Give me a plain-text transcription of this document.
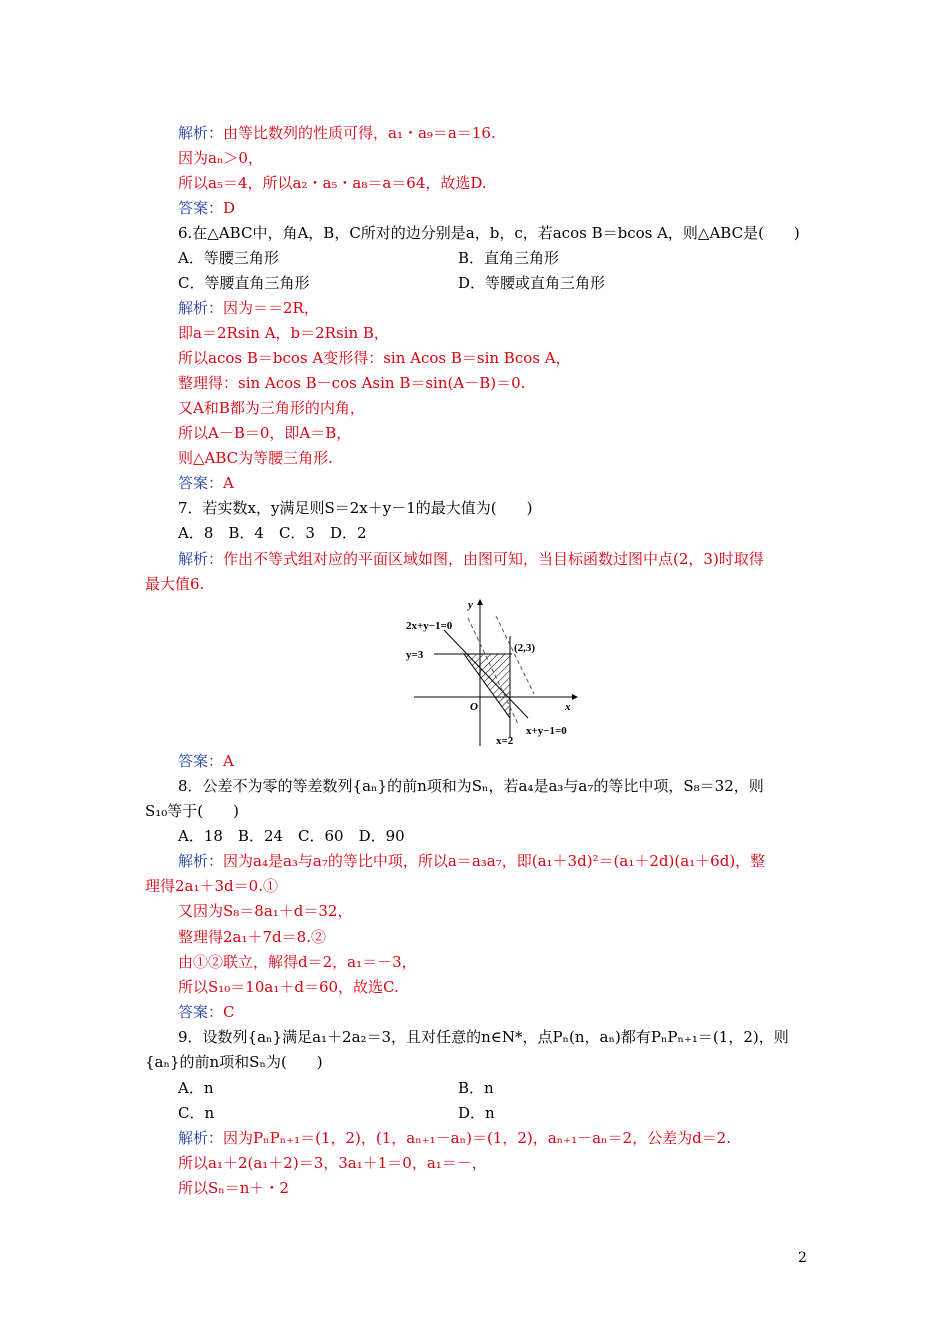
解析：由等比数列的性质可得，a₁・a₉＝a＝16.
因为aₙ＞0，
所以a₅＝4，所以a₂・a₅・a₈＝a＝64，故选D.
答案：D
6.在△ABC中，角A，B，C所对的边分别是a，b，c，若acos B＝bcos A，则△ABC是(　　)
A．等腰三角形	B．直角三角形
C．等腰直角三角形	D．等腰或直角三角形
解析：因为＝＝2R，
即a＝2Rsin A，b＝2Rsin B，
所以acos B＝bcos A变形得：sin Acos B＝sin Bcos A，
整理得：sin Acos B－cos Asin B＝sin(A－B)＝0.
又A和B都为三角形的内角，
所以A－B＝0，即A＝B，
则△ABC为等腰三角形.
答案：A
7．若实数x，y满足则S＝2x＋y－1的最大值为(　　)
A．8　B．4　C．3　D．2
解析：作出不等式组对应的平面区域如图，由图可知，当目标函数过图中点(2，3)时取得
最大值6.
2x+y−1=0
y=3
(2,3)
O
x=2
x+y−1=0
x
y
答案：A
8．公差不为零的等差数列{aₙ}的前n项和为Sₙ，若a₄是a₃与a₇的等比中项，S₈＝32，则
S₁₀等于(　　)
A．18　B．24　C．60　D．90
解析：因为a₄是a₃与a₇的等比中项，所以a＝a₃a₇，即(a₁＋3d)²＝(a₁＋2d)(a₁＋6d)，整
理得2a₁＋3d＝0.①
又因为S₈＝8a₁＋d＝32，
整理得2a₁＋7d＝8.②
由①②联立，解得d＝2，a₁＝－3，
所以S₁₀＝10a₁＋d＝60，故选C.
答案：C
9．设数列{aₙ}满足a₁＋2a₂＝3，且对任意的n∈N*，点Pₙ(n，aₙ)都有PₙPₙ₊₁＝(1，2)，则
{aₙ}的前n项和Sₙ为(　　)
A．n	B．n
C．n	D．n
解析：因为PₙPₙ₊₁＝(1，2)，(1，aₙ₊₁－aₙ)＝(1，2)，aₙ₊₁－aₙ＝2，公差为d＝2.
所以a₁＋2(a₁＋2)＝3，3a₁＋1＝0，a₁＝－，
所以Sₙ＝n＋・2
2
